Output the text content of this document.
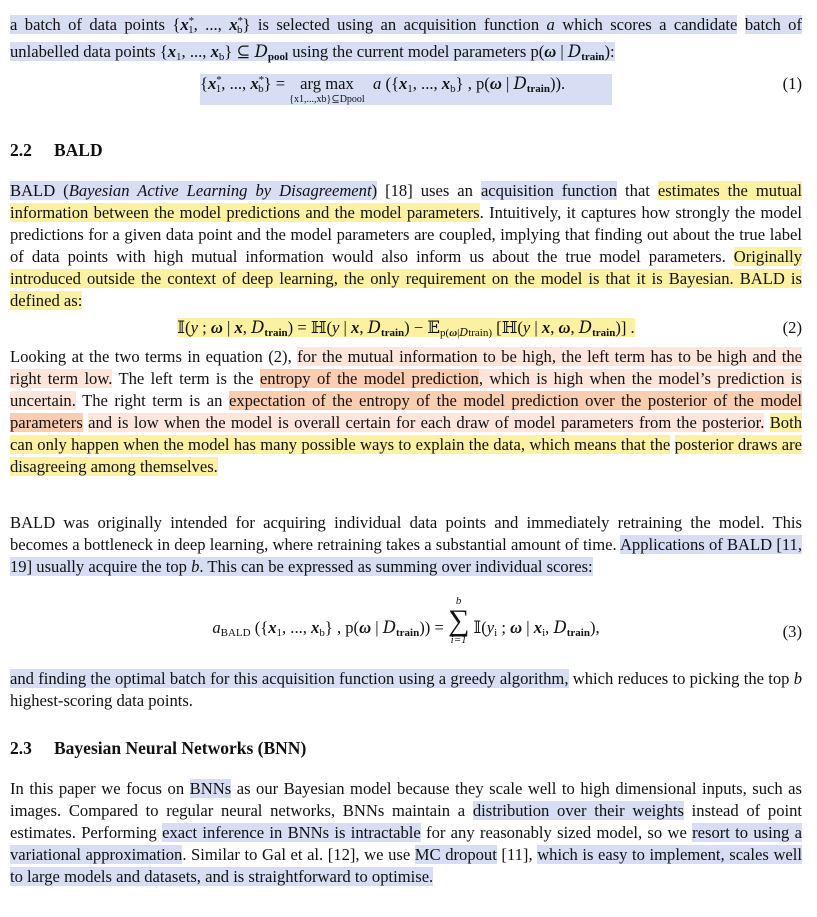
a batch of data points {$x^*_1$, ..., $x^*_b$} is selected using an acquisition function a which scores a candidate batch of unlabelled data points {$x_1$, ..., $x_b$} ⊆ $D_{pool}$ using the current model parameters p(ω | $D_{train}$):
{$x^*_1$, ..., $x^*_b$} = arg max
{x1,...,xb}⊆Dpool
a ({$x_1$, ..., $x_b$} , p(ω | $D_{train}$)).	(1)
2.2 BALD
BALD (Bayesian Active Learning by Disagreement) [18] uses an acquisition function that estimates the mutual information between the model predictions and the model parameters. Intuitively, it captures how strongly the model predictions for a given data point and the model parameters are coupled, implying that finding out about the true label of data points with high mutual information would also inform us about the true model parameters. Originally introduced outside the context of deep learning, the only requirement on the model is that it is Bayesian. BALD is defined as:
𝕀(y ; ω | x, $D_{train}$) = ℍ(y | x, $D_{train}$) − 𝔼$_{p(\omega|Dtrain)}$ [ℍ(y | x, ω, $D_{train}$)] .	(2)
Looking at the two terms in equation (2), for the mutual information to be high, the left term has to be high and the right term low. The left term is the entropy of the model prediction, which is high when the model’s prediction is uncertain. The right term is an expectation of the entropy of the model prediction over the posterior of the model parameters and is low when the model is overall certain for each draw of model parameters from the posterior. Both can only happen when the model has many possible ways to explain the data, which means that the posterior draws are disagreeing among themselves.
BALD was originally intended for acquiring individual data points and immediately retraining the model. This becomes a bottleneck in deep learning, where retraining takes a substantial amount of time. Applications of BALD [11, 19] usually acquire the top b. This can be expressed as summing over individual scores:
$a_{BALD}$ ({$x_1$, ..., $x_b$} , p(ω | $D_{train}$)) =
b
∑
i=1
$𝕀(y_i$ ; ω | $x_i$, $D_{train}$),	(3)
and finding the optimal batch for this acquisition function using a greedy algorithm, which reduces to picking the top b highest-scoring data points.
2.3 Bayesian Neural Networks (BNN)
In this paper we focus on BNNs as our Bayesian model because they scale well to high dimensional inputs, such as images. Compared to regular neural networks, BNNs maintain a distribution over their weights instead of point estimates. Performing exact inference in BNNs is intractable for any reasonably sized model, so we resort to using a variational approximation. Similar to Gal et al. [12], we use MC dropout [11], which is easy to implement, scales well to large models and datasets, and is straightforward to optimise.
